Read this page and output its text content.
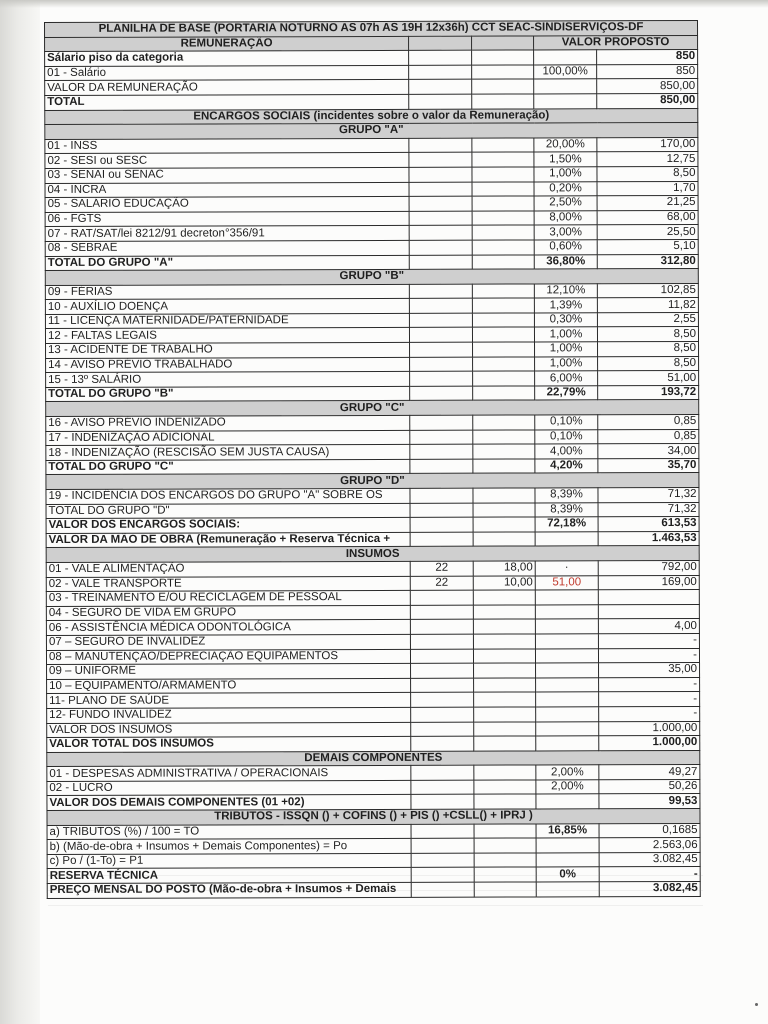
PLANILHA DE BASE (PORTARIA NOTURNO AS 07h AS 19H 12x36h) CCT SEAC-SINDISERVIÇOS-DF				
REMUNERAÇÃO			VALOR PROPOSTO	
Sálario piso da categoria				850
01 - Salário			100,00%	850
VALOR DA REMUNERAÇÃO				850,00
TOTAL				850,00
ENCARGOS SOCIAIS (incidentes sobre o valor da Remuneração)				
GRUPO "A"				
01 - INSS			20,00%	170,00
02 - SESI ou SESC			1,50%	12,75
03 - SENAI ou SENAC			1,00%	8,50
04 - INCRA			0,20%	1,70
05 - SALÁRIO EDUCAÇÃO			2,50%	21,25
06 - FGTS			8,00%	68,00
07 - RAT/SAT/lei 8212/91 decreton°356/91			3,00%	25,50
08 - SEBRAE			0,60%	5,10
TOTAL DO GRUPO "A"			36,80%	312,80
GRUPO "B"				
09 - FÉRIAS			12,10%	102,85
10 - AUXÍLIO DOENÇA			1,39%	11,82
11 - LICENÇA MATERNIDADE/PATERNIDADE			0,30%	2,55
12 - FALTAS LEGAIS			1,00%	8,50
13 - ACIDENTE DE TRABALHO			1,00%	8,50
14 - AVISO PRÉVIO TRABALHADO			1,00%	8,50
15 - 13º SALÁRIO			6,00%	51,00
TOTAL DO GRUPO "B"			22,79%	193,72
GRUPO "C"				
16 - AVISO PRÉVIO INDENIZADO			0,10%	0,85
17 - INDENIZAÇÃO ADICIONAL			0,10%	0,85
18 - INDENIZAÇÃO (RESCISÃO SEM JUSTA CAUSA)			4,00%	34,00
TOTAL DO GRUPO "C"			4,20%	35,70
GRUPO "D"				
19 - INCIDÊNCIA DOS ENCARGOS DO GRUPO "A" SOBRE OS			8,39%	71,32
TOTAL DO GRUPO "D"			8,39%	71,32
VALOR DOS ENCARGOS SOCIAIS:			72,18%	613,53
VALOR DA MÃO DE OBRA (Remuneração + Reserva Técnica +				1.463,53
INSUMOS				
01 - VALE ALIMENTAÇÃO	22	18,00	·	792,00
02 - VALE TRANSPORTE	22	10,00	51,00	169,00
03 - TREINAMENTO E/OU RECICLAGEM DE PESSOAL				
04 - SEGURO DE VIDA EM GRUPO				
06 - ASSISTÊNCIA MÉDICA ODONTOLÓGICA				4,00
07 – SEGURO DE INVALIDEZ				-
08 – MANUTENÇÃO/DEPRECIAÇÃO EQUIPAMENTOS				-
09 – UNIFORME				35,00
10 – EQUIPAMENTO/ARMAMENTO				-
11- PLANO DE SAÚDE				-
12- FUNDO INVALIDEZ				-
VALOR DOS INSUMOS				1.000,00
VALOR TOTAL DOS INSUMOS				1.000,00
DEMAIS COMPONENTES				
01 - DESPESAS ADMINISTRATIVA / OPERACIONAIS			2,00%	49,27
02 - LUCRO			2,00%	50,26
VALOR DOS DEMAIS COMPONENTES (01 +02)				99,53
TRIBUTOS - ISSQN () + COFINS () + PIS () +CSLL() + IPRJ )				
a) TRIBUTOS (%) / 100 = TO			16,85%	0,1685
b) (Mão-de-obra + Insumos + Demais Componentes) = Po				2.563,06
c) Po / (1-To) = P1				3.082,45
RESERVA TÉCNICA			0%	-
PREÇO MENSAL DO POSTO (Mão-de-obra + Insumos + Demais				3.082,45
